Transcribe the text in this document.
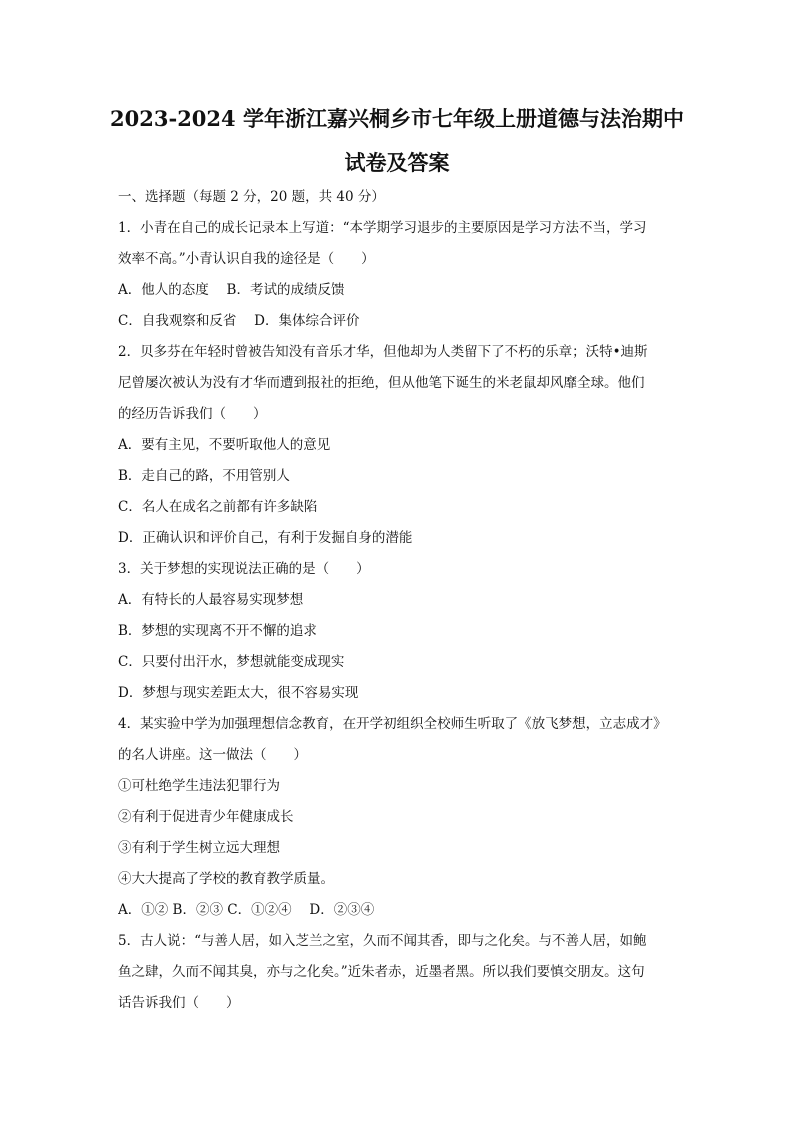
2023-2024 学年浙江嘉兴桐乡市七年级上册道德与法治期中
试卷及答案
一、选择题（每题 2 分，20 题，共 40 分）
1．小青在自己的成长记录本上写道：“本学期学习退步的主要原因是学习方法不当，学习
效率不高。”小青认识自我的途径是（　　）
A．他人的态度　 B．考试的成绩反馈
C．自我观察和反省　 D．集体综合评价
2．贝多芬在年轻时曾被告知没有音乐才华，但他却为人类留下了不朽的乐章；沃特•迪斯
尼曾屡次被认为没有才华而遭到报社的拒绝，但从他笔下诞生的米老鼠却风靡全球。他们
的经历告诉我们（　　）
A．要有主见，不要听取他人的意见
B．走自己的路，不用管别人
C．名人在成名之前都有许多缺陷
D．正确认识和评价自己，有利于发掘自身的潜能
3．关于梦想的实现说法正确的是（　　）
A．有特长的人最容易实现梦想
B．梦想的实现离不开不懈的追求
C．只要付出汗水，梦想就能变成现实
D．梦想与现实差距太大，很不容易实现
4．某实验中学为加强理想信念教育，在开学初组织全校师生听取了《放飞梦想，立志成才》
的名人讲座。这一做法（　　）
①可杜绝学生违法犯罪行为
②有利于促进青少年健康成长
③有利于学生树立远大理想
④大大提高了学校的教育教学质量。
A．①② B．②③ C．①②④　 D．②③④
5．古人说：“与善人居，如入芝兰之室，久而不闻其香，即与之化矣。与不善人居，如鲍
鱼之肆，久而不闻其臭，亦与之化矣。”近朱者赤，近墨者黑。所以我们要慎交朋友。这句
话告诉我们（　　）
